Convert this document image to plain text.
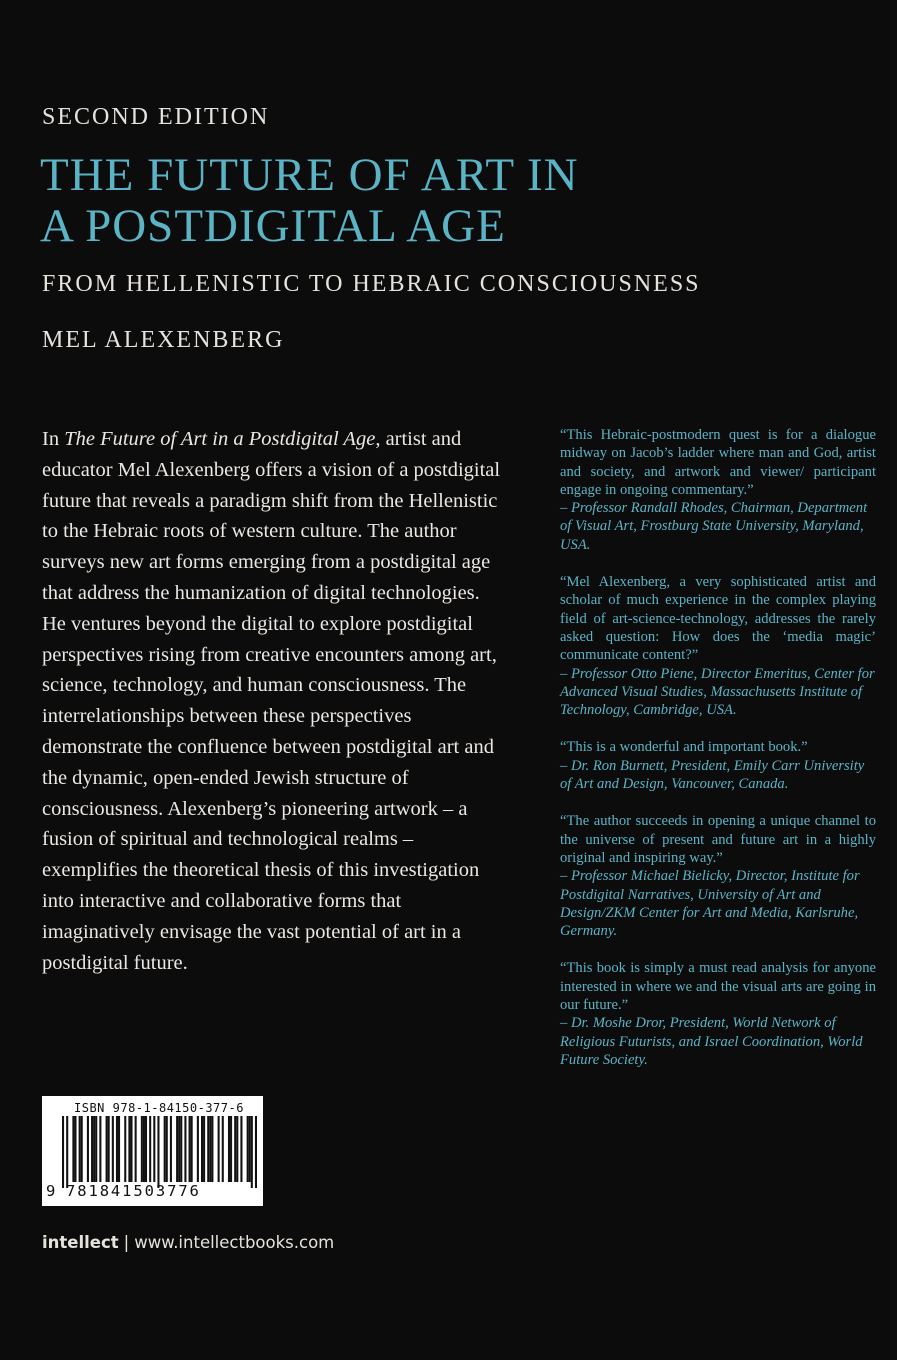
SECOND EDITION
THE FUTURE OF ART IN
A POSTDIGITAL AGE
FROM HELLENISTIC TO HEBRAIC CONSCIOUSNESS
MEL ALEXENBERG
In The Future of Art in a Postdigital Age, artist and educator Mel Alexenberg offers a vision of a postdigital future that reveals a paradigm shift from the Hellenistic to the Hebraic roots of western culture. The author surveys new art forms emerging from a postdigital age that address the humanization of digital technologies. He ventures beyond the digital to explore postdigital perspectives rising from creative encounters among art, science, technology, and human consciousness. The interrelationships between these perspectives demonstrate the confluence between postdigital art and the dynamic, open-ended Jewish structure of consciousness. Alexenberg’s pioneering artwork – a fusion of spiritual and technological realms – exemplifies the theoretical thesis of this investigation into interactive and collaborative forms that imaginatively envisage the vast potential of art in a postdigital future.
“This Hebraic-postmodern quest is for a dialogue midway on Jacob’s ladder where man and God, artist and society, and artwork and viewer/ participant engage in ongoing commentary.”
– Professor Randall Rhodes, Chairman, Department of Visual Art, Frostburg State University, Maryland, USA.
“Mel Alexenberg, a very sophisticated artist and scholar of much experience in the complex playing field of art-science-technology, addresses the rarely asked question: How does the ‘media magic’ communicate content?”
– Professor Otto Piene, Director Emeritus, Center for Advanced Visual Studies, Massachusetts Institute of Technology, Cambridge, USA.
“This is a wonderful and important book.”
– Dr. Ron Burnett, President, Emily Carr University of Art and Design, Vancouver, Canada.
“The author succeeds in opening a unique channel to the universe of present and future art in a highly original and inspiring way.”
– Professor Michael Bielicky, Director, Institute for Postdigital Narratives, University of Art and Design/ZKM Center for Art and Media, Karlsruhe, Germany.
“This book is simply a must read analysis for anyone interested in where we and the visual arts are going in our future.”
– Dr. Moshe Dror, President, World Network of Religious Futurists, and Israel Coordination, World Future Society.
ISBN 978-1-84150-377-6
9 781841503776
intellect | www.intellectbooks.com
